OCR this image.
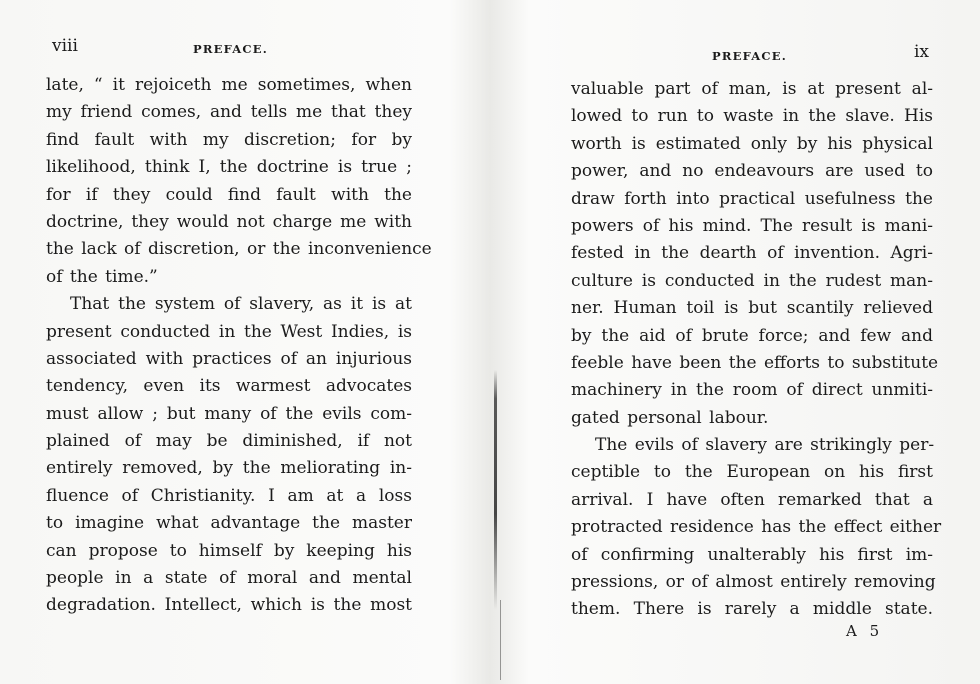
viii	PREFACE.
late, “ it rejoiceth me sometimes, when
my friend comes, and tells me that they
find fault with my discretion; for by
likelihood, think I, the doctrine is true ;
for if they could find fault with the
doctrine, they would not charge me with
the lack of discretion, or the inconvenience
of the time.”
That the system of slavery, as it is at
present conducted in the West Indies, is
associated with practices of an injurious
tendency, even its warmest advocates
must allow ; but many of the evils com-
plained of may be diminished, if not
entirely removed, by the meliorating in-
fluence of Christianity. I am at a loss
to imagine what advantage the master
can propose to himself by keeping his
people in a state of moral and mental
degradation. Intellect, which is the most
PREFACE.	ix
valuable part of man, is at present al-
lowed to run to waste in the slave. His
worth is estimated only by his physical
power, and no endeavours are used to
draw forth into practical usefulness the
powers of his mind. The result is mani-
fested in the dearth of invention. Agri-
culture is conducted in the rudest man-
ner. Human toil is but scantily relieved
by the aid of brute force; and few and
feeble have been the efforts to substitute
machinery in the room of direct unmiti-
gated personal labour.
The evils of slavery are strikingly per-
ceptible to the European on his first
arrival. I have often remarked that a
protracted residence has the effect either
of confirming unalterably his first im-
pressions, or of almost entirely removing
them. There is rarely a middle state.
A 5
